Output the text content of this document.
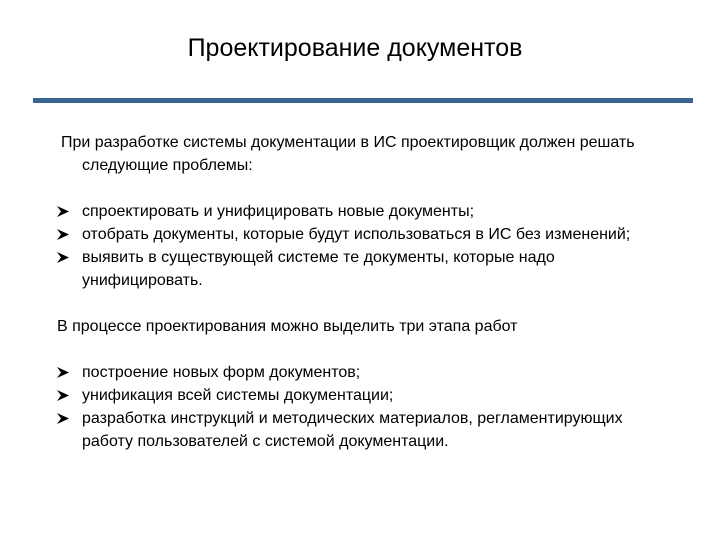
Проектирование документов

При разработке системы документации в ИС проектировщик должен решать следующие проблемы:

спроектировать и унифицировать новые документы;
отобрать документы, которые будут использоваться в ИС без изменений;
выявить в существующей системе те документы, которые надо унифицировать.

В процессе проектирования можно выделить три этапа работ

построение новых форм документов;
унификация всей системы документации;
разработка инструкций и методических материалов, регламентирующих работу пользователей с системой документации.
